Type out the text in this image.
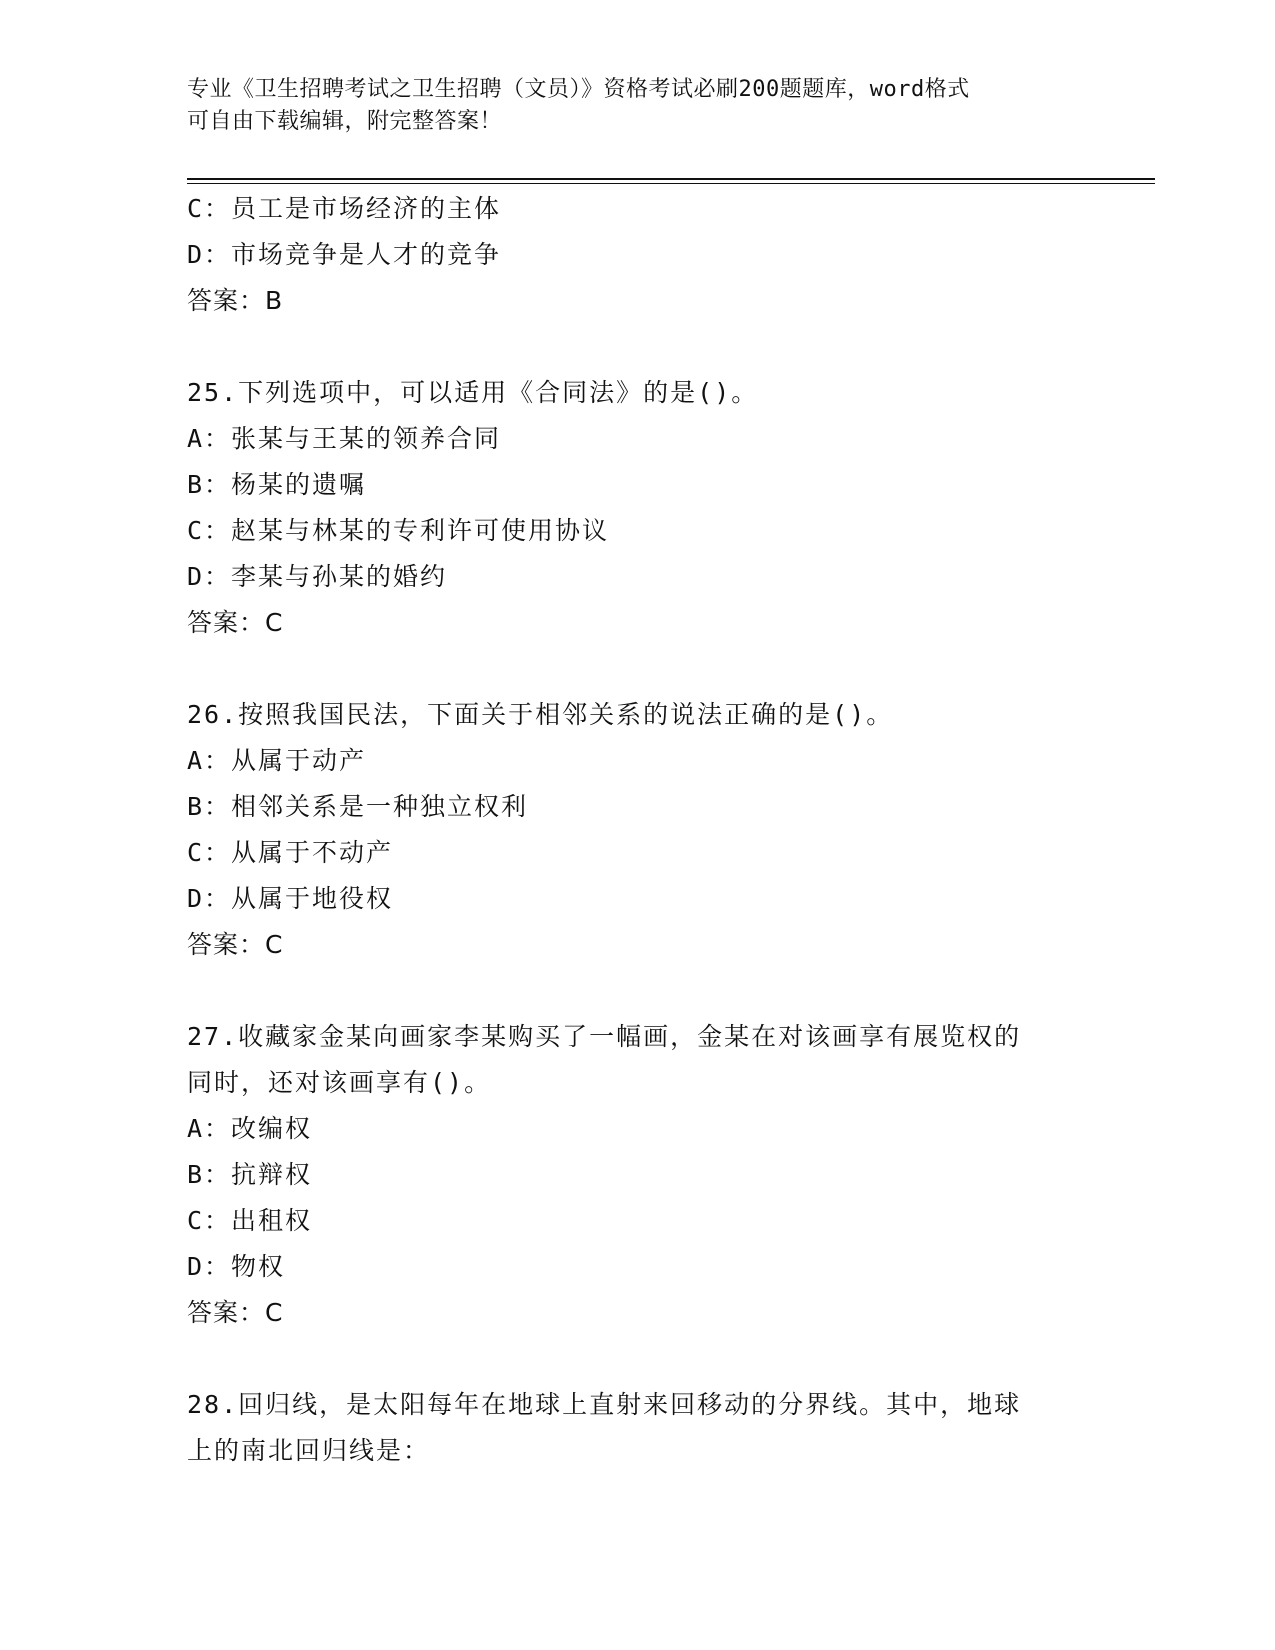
专业《卫生招聘考试之卫生招聘（文员）》资格考试必刷200题题库，word格式
可自由下载编辑，附完整答案！
C：员工是市场经济的主体
D：市场竞争是人才的竞争
答案：B
25.下列选项中，可以适用《合同法》的是()。
A：张某与王某的领养合同
B：杨某的遗嘱
C：赵某与林某的专利许可使用协议
D：李某与孙某的婚约
答案：C
26.按照我国民法，下面关于相邻关系的说法正确的是()。
A：从属于动产
B：相邻关系是一种独立权利
C：从属于不动产
D：从属于地役权
答案：C
27.收藏家金某向画家李某购买了一幅画，金某在对该画享有展览权的
同时，还对该画享有()。
A：改编权
B：抗辩权
C：出租权
D：物权
答案：C
28.回归线，是太阳每年在地球上直射来回移动的分界线。其中，地球
上的南北回归线是：
